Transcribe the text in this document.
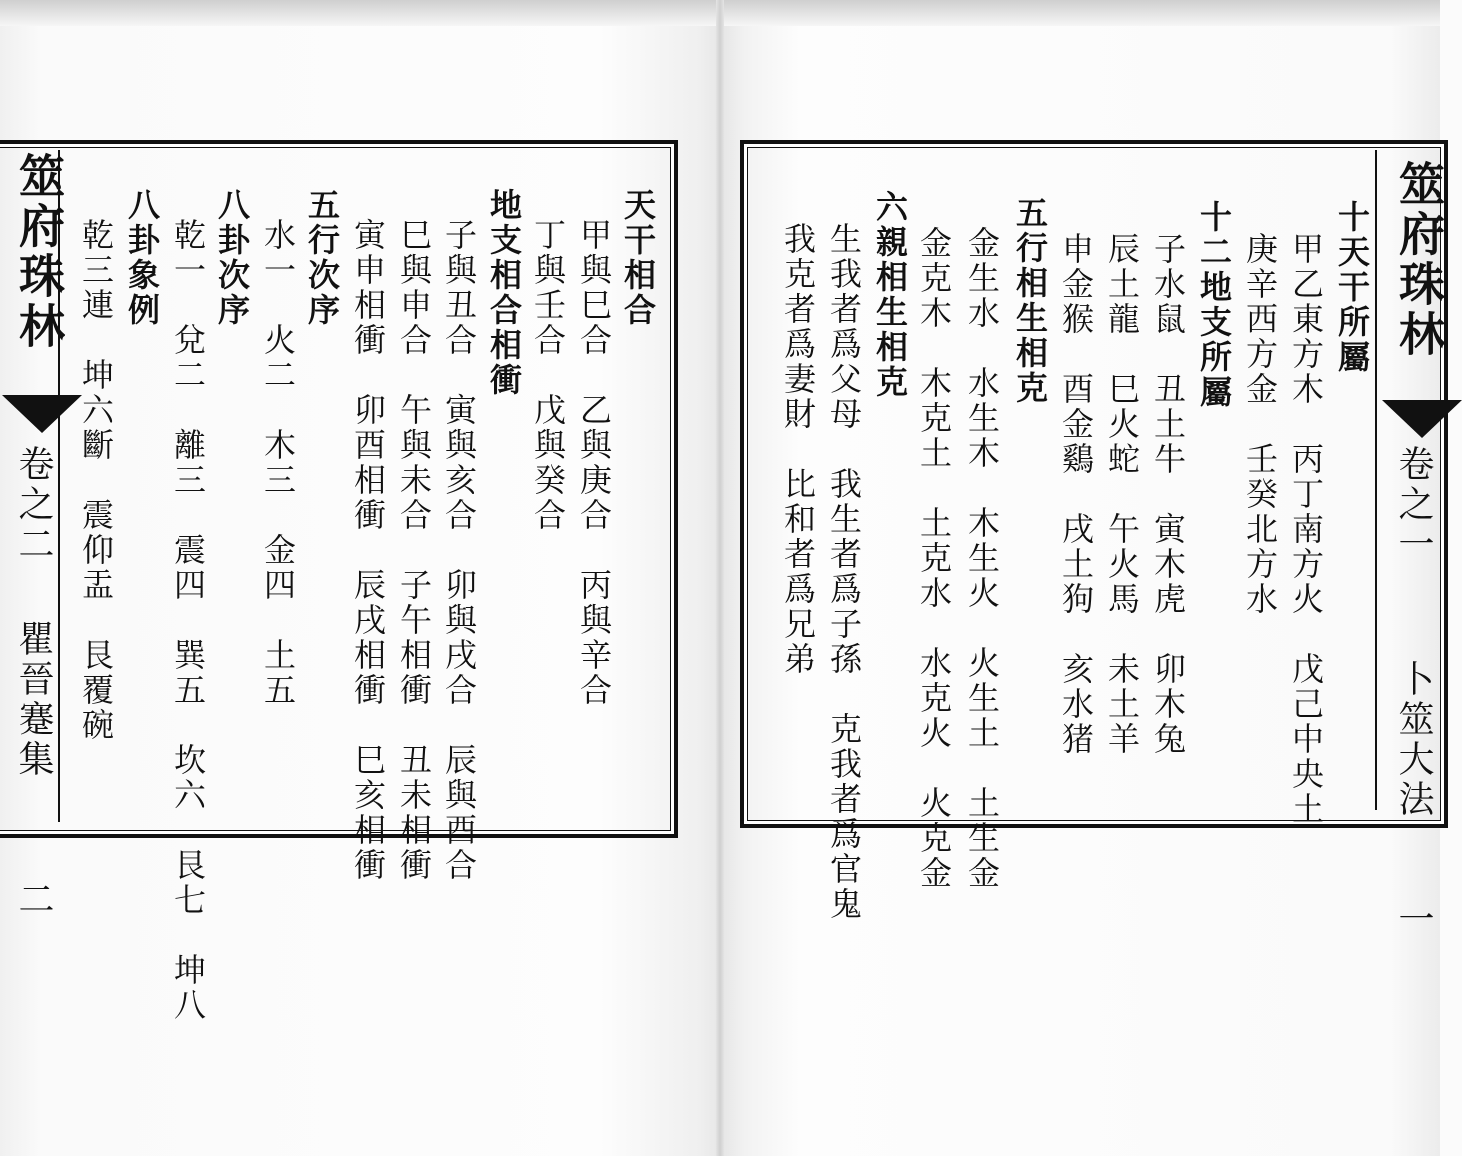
筮府珠林
卷之二
瞿晉蹇集
二
天干相合
甲與巳合　乙與庚合　丙與辛合
丁與壬合　戊與癸合
地支相合相衝
子與丑合　寅與亥合　卯與戌合　辰與酉合
巳與申合　午與未合　子午相衝　丑未相衝
寅申相衝　卯酉相衝　辰戌相衝　巳亥相衝
五行次序
水一　火二　木三　金四　土五
八卦次序
乾一　兌二　離三　震四　巽五　坎六　艮七　坤八
八卦象例
乾三連　坤六斷　震仰盂　艮覆碗	筮府珠林
卷之一
卜筮大法
一
十天干所屬
甲乙東方木　丙丁南方火　戊己中央土
庚辛西方金　壬癸北方水
十二地支所屬
子水鼠　丑土牛　寅木虎　卯木兔
辰土龍　巳火蛇　午火馬　未土羊
申金猴　酉金鷄　戌土狗　亥水猪
五行相生相克
金生水　水生木　木生火　火生土　土生金
金克木　木克土　土克水　水克火　火克金
六親相生相克
生我者爲父母　我生者爲子孫　克我者爲官鬼
我克者爲妻財　比和者爲兄弟
